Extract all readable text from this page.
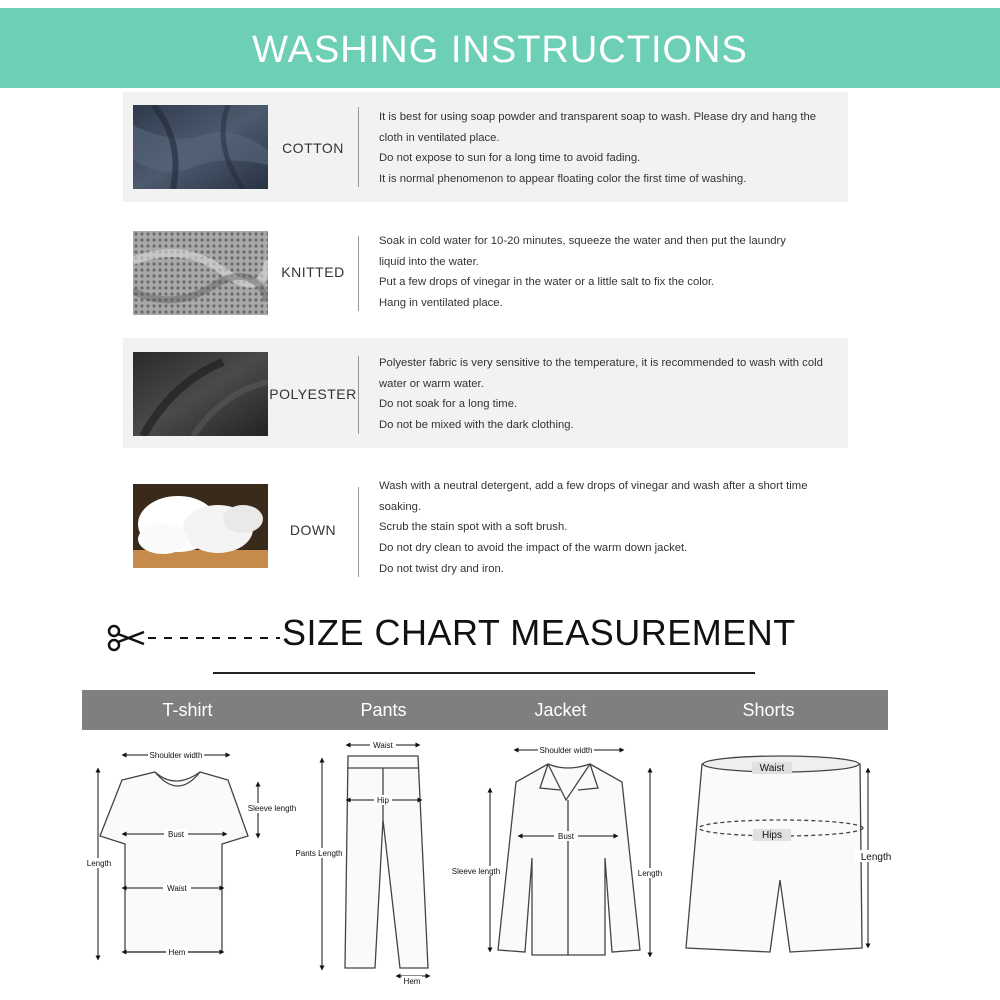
WASHING INSTRUCTIONS
COTTON
It is best for using soap powder and transparent soap to wash. Please dry and hang the
cloth in ventilated place.
Do not expose to sun for a long time to avoid fading.
It is normal phenomenon to appear floating color the first time of washing.
KNITTED
Soak in cold water for 10-20 minutes, squeeze the water and then put the laundry
liquid into the water.
Put a few drops of vinegar in the water or a little salt to fix the color.
Hang in ventilated place.
POLYESTER
Polyester fabric is very sensitive to the temperature, it is recommended to wash with cold
water or warm water.
Do not soak for a long time.
Do not be mixed with the dark clothing.
DOWN
Wash with a neutral detergent, add a few drops of vinegar and wash after a short time
soaking.
Scrub the stain spot with a soft brush.
Do not dry clean to avoid the impact of the warm down jacket.
Do not twist dry and iron.
SIZE CHART MEASUREMENT
T-shirt	Pants	Jacket	Shorts
Shoulder width
Sleeve length
Bust
Length
Waist
Hem
Waist
Hip
Pants Length
Hem
Shoulder width
Bust
Sleeve length	Length
Waist
Hips
Length
